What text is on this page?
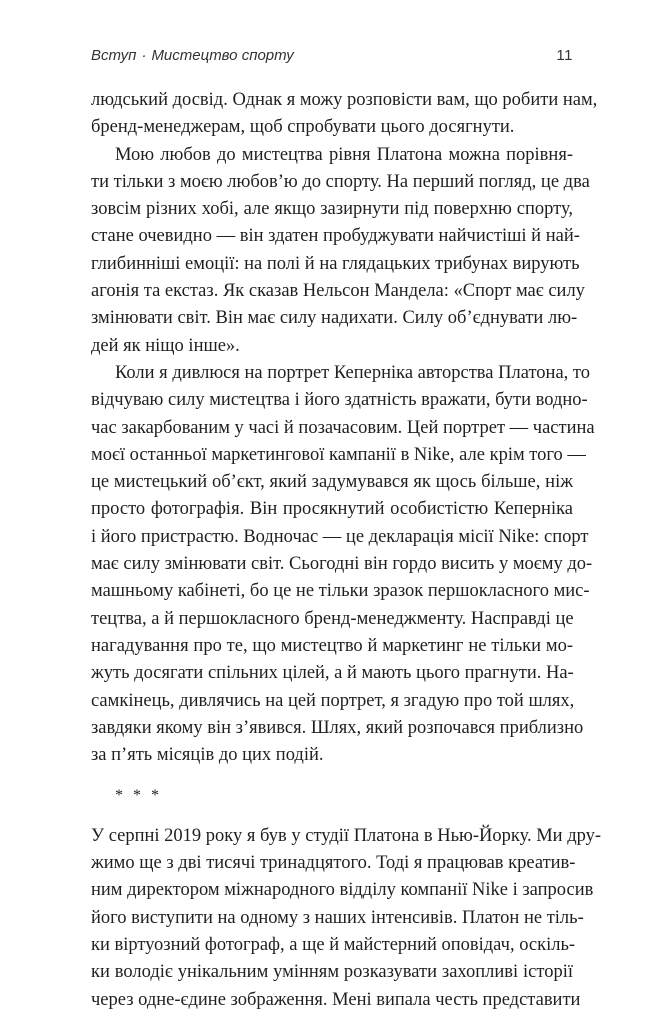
Вступ · Мистецтво спорту	11
людський досвід. Однак я можу розповісти вам, що робити нам,
бренд-менеджерам, щоб спробувати цього досягнути.
Мою любов до мистецтва рівня Платона можна порівня-
ти тільки з моєю любов’ю до спорту. На перший погляд, це два
зовсім різних хобі, але якщо зазирнути під поверхню спорту,
стане очевидно — він здатен пробуджувати найчистіші й най-
глибинніші емоції: на полі й на глядацьких трибунах вирують
агонія та екстаз. Як сказав Нельсон Мандела: «Спорт має силу
змінювати світ. Він має силу надихати. Силу об’єднувати лю-
дей як ніщо інше».
Коли я дивлюся на портрет Кеперніка авторства Платона, то
відчуваю силу мистецтва і його здатність вражати, бути водно-
час закарбованим у часі й позачасовим. Цей портрет — частина
моєї останньої маркетингової кампанії в Nike, але крім того —
це мистецький об’єкт, який задумувався як щось більше, ніж
просто фотографія. Він просякнутий особистістю Кеперніка
і його пристрастю. Водночас — це декларація місії Nike: спорт
має силу змінювати світ. Сьогодні він гордо висить у моєму до-
машньому кабінеті, бо це не тільки зразок першокласного мис-
тецтва, а й першокласного бренд-менеджменту. Насправді це
нагадування про те, що мистецтво й маркетинг не тільки мо-
жуть досягати спільних цілей, а й мають цього прагнути. На-
самкінець, дивлячись на цей портрет, я згадую про той шлях,
завдяки якому він з’явився. Шлях, який розпочався приблизно
за п’ять місяців до цих подій.
* * *
У серпні 2019 року я був у студії Платона в Нью-Йорку. Ми дру-
жимо ще з дві тисячі тринадцятого. Тоді я працював креатив-
ним директором міжнародного відділу компанії Nike і запросив
його виступити на одному з наших інтенсивів. Платон не тіль-
ки віртуозний фотограф, а ще й майстерний оповідач, оскіль-
ки володіє унікальним умінням розказувати захопливі історії
через одне-єдине зображення. Мені випала честь представити
